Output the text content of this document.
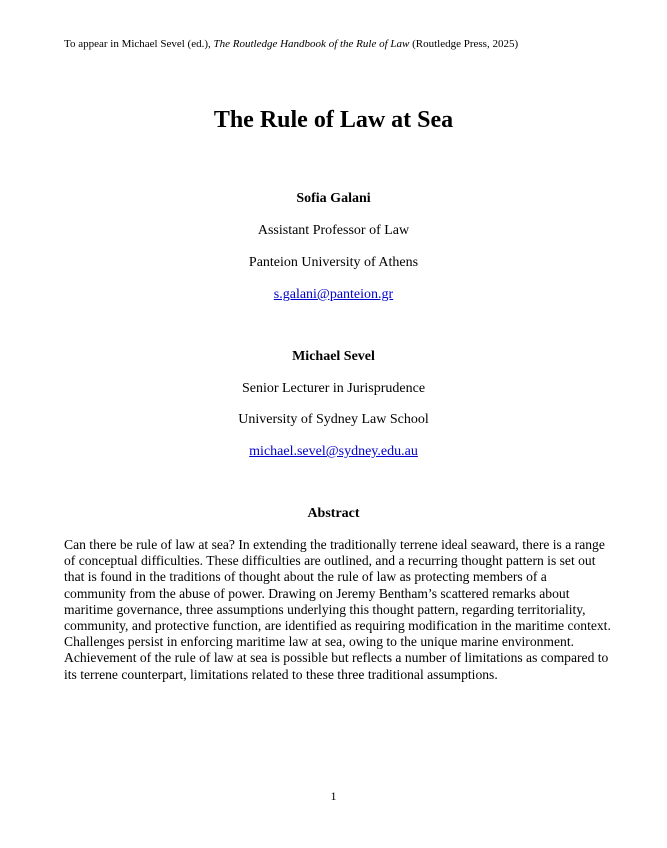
To appear in Michael Sevel (ed.), The Routledge Handbook of the Rule of Law (Routledge Press, 2025)
The Rule of Law at Sea
Sofia Galani
Assistant Professor of Law
Panteion University of Athens
s.galani@panteion.gr
Michael Sevel
Senior Lecturer in Jurisprudence
University of Sydney Law School
michael.sevel@sydney.edu.au
Abstract

Can there be rule of law at sea? In extending the traditionally terrene ideal seaward, there is a range of conceptual difficulties. These difficulties are outlined, and a recurring thought pattern is set out that is found in the traditions of thought about the rule of law as protecting members of a community from the abuse of power. Drawing on Jeremy Bentham’s scattered remarks about maritime governance, three assumptions underlying this thought pattern, regarding territoriality, community, and protective function, are identified as requiring modification in the maritime context. Challenges persist in enforcing maritime law at sea, owing to the unique marine environment. Achievement of the rule of law at sea is possible but reflects a number of limitations as compared to its terrene counterpart, limitations related to these three traditional assumptions.

1
